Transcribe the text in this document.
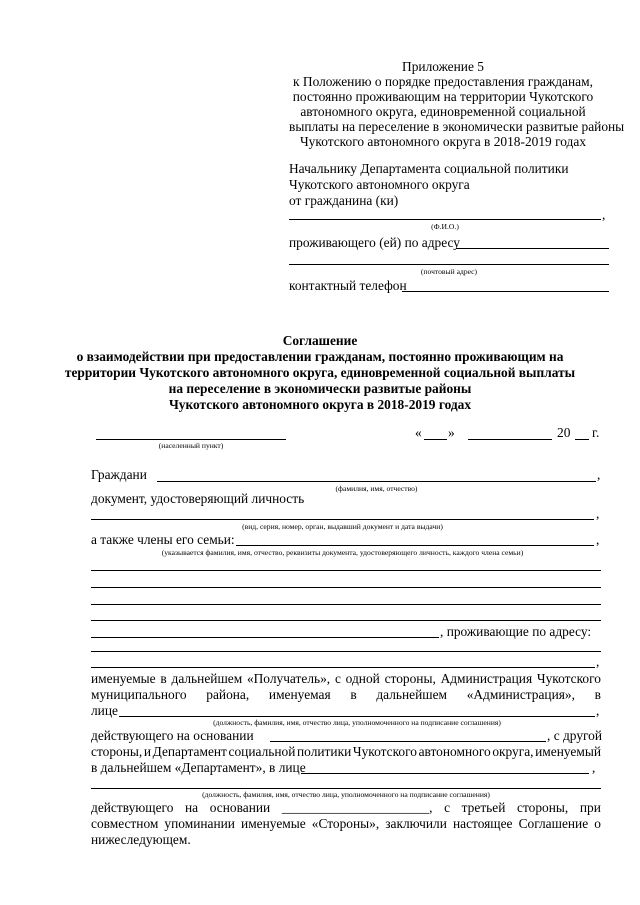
Приложение 5
к Положению о порядке предоставления гражданам,
постоянно проживающим на территории Чукотского
автономного округа, единовременной социальной
выплаты на переселение в экономически развитые районы
Чукотского автономного округа в 2018-2019 годах
Начальнику Департамента социальной политики
Чукотского автономного округа
от гражданина (ки)
,
(Ф.И.О.)
проживающего (ей) по адресу
(почтовый адрес)
контактный телефон
Соглашение
о взаимодействии при предоставлении гражданам, постоянно проживающим на
территории Чукотского автономного округа, единовременной социальной выплаты
на переселение в экономически развитые районы
Чукотского автономного округа в 2018-2019 годах
(населенный пункт)
« »	20 г.
Граждани	,
(фамилия, имя, отчество)
документ, удостоверяющий личность
,
(вид, серия, номер, орган, выдавший документ и дата выдачи)
а также члены его семьи:	,
(указывается фамилия, имя, отчество, реквизиты документа, удостоверяющего личность, каждого члена семьи)
, проживающие по адресу:
,
именуемые в дальнейшем «Получатель», с одной стороны, Администрация Чукотского
муниципального района, именуемая в дальнейшем «Администрация», в
лице	,
(должность, фамилия, имя, отчество лица, уполномоченного на подписание соглашения)
действующего на основании	, с другой
стороны, и Департамент социальной политики Чукотского автономного округа, именуемый
в дальнейшем «Департамент», в лице	,
(должность, фамилия, имя, отчество лица, уполномоченного на подписание соглашения)
действующего на основании ______________________, с третьей стороны, при
совместном упоминании именуемые «Стороны», заключили настоящее Соглашение о
нижеследующем.
